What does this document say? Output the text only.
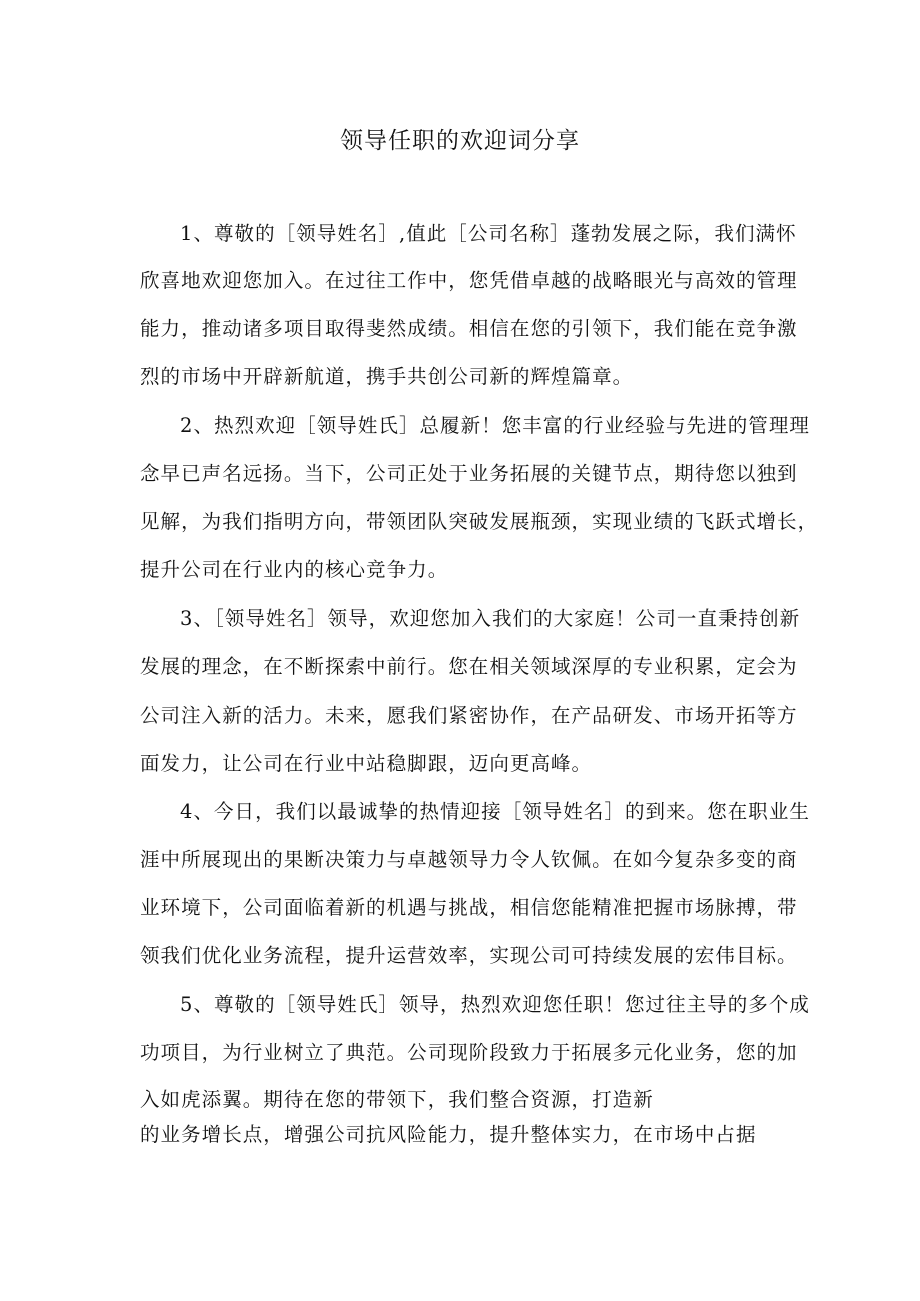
领导任职的欢迎词分享
1、尊敬的［领导姓名］,值此［公司名称］蓬勃发展之际，我们满怀
欣喜地欢迎您加入。在过往工作中，您凭借卓越的战略眼光与高效的管理
能力，推动诸多项目取得斐然成绩。相信在您的引领下，我们能在竞争激
烈的市场中开辟新航道，携手共创公司新的辉煌篇章。
2、热烈欢迎［领导姓氏］总履新！您丰富的行业经验与先进的管理理
念早已声名远扬。当下，公司正处于业务拓展的关键节点，期待您以独到
见解，为我们指明方向，带领团队突破发展瓶颈，实现业绩的飞跃式增长，
提升公司在行业内的核心竞争力。
3、［领导姓名］领导，欢迎您加入我们的大家庭！公司一直秉持创新
发展的理念，在不断探索中前行。您在相关领域深厚的专业积累，定会为
公司注入新的活力。未来，愿我们紧密协作，在产品研发、市场开拓等方
面发力，让公司在行业中站稳脚跟，迈向更高峰。
4、今日，我们以最诚挚的热情迎接［领导姓名］的到来。您在职业生
涯中所展现出的果断决策力与卓越领导力令人钦佩。在如今复杂多变的商
业环境下，公司面临着新的机遇与挑战，相信您能精准把握市场脉搏，带
领我们优化业务流程，提升运营效率，实现公司可持续发展的宏伟目标。
5、尊敬的［领导姓氏］领导，热烈欢迎您任职！您过往主导的多个成
功项目，为行业树立了典范。公司现阶段致力于拓展多元化业务，您的加
入如虎添翼。期待在您的带领下，我们整合资源，打造新
的业务增长点，增强公司抗风险能力，提升整体实力，在市场中占据
